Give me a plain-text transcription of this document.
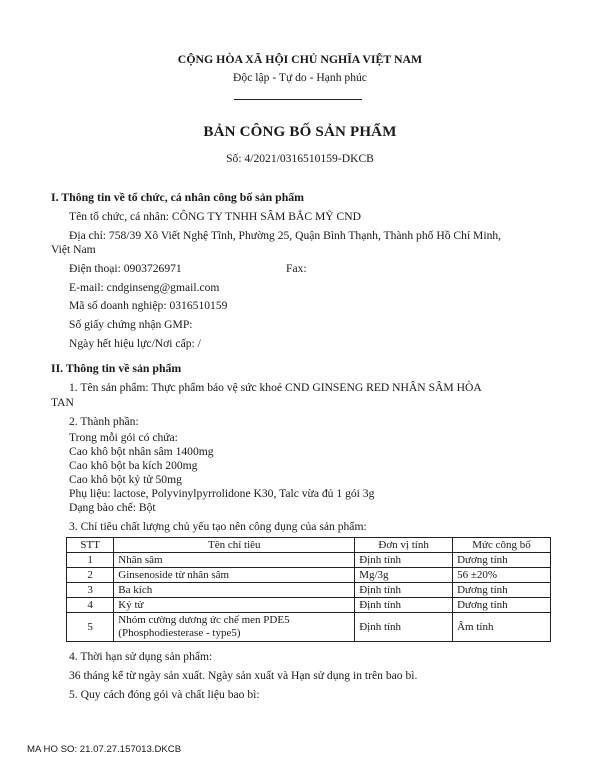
CỘNG HÒA XÃ HỘI CHỦ NGHĨA VIỆT NAM
Độc lập - Tự do - Hạnh phúc
BẢN CÔNG BỐ SẢN PHẨM
Số: 4/2021/0316510159-DKCB
I. Thông tin về tổ chức, cá nhân công bố sản phẩm
Tên tổ chức, cá nhân: CÔNG TY TNHH SÂM BẮC MỸ CND
Địa chỉ: 758/39 Xô Viết Nghệ Tĩnh, Phường 25, Quận Bình Thạnh, Thành phố Hồ Chí Minh,
Việt Nam
Điện thoại: 0903726971	Fax:
E-mail: cndginseng@gmail.com
Mã số doanh nghiệp: 0316510159
Số giấy chứng nhận GMP:
Ngày hết hiệu lực/Nơi cấp: /
II. Thông tin về sản phẩm
1. Tên sản phẩm: Thực phẩm bảo vệ sức khoẻ CND GINSENG RED NHÂN SÂM HÒA
TAN
2. Thành phần:
Trong mỗi gói có chứa:
Cao khô bột nhân sâm 1400mg
Cao khô bột ba kích 200mg
Cao khô bột kỷ tử 50mg
Phụ liệu: lactose, Polyvinylpyrrolidone K30, Talc vừa đủ 1 gói 3g
Dạng bào chế: Bột
3. Chỉ tiêu chất lượng chủ yếu tạo nên công dụng của sản phẩm:
STT	Tên chỉ tiêu	Đơn vị tính	Mức công bố
1	Nhân sâm	Định tính	Dương tính
2	Ginsenoside từ nhân sâm	Mg/3g	56 ±20%
3	Ba kích	Định tính	Dương tính
4	Kỷ tử	Định tính	Dương tính
5	Nhóm cường dương ức chế men PDE5
(Phosphodiesterase - type5)	Định tính	Âm tính
4. Thời hạn sử dụng sản phẩm:
36 tháng kể từ ngày sản xuất. Ngày sản xuất và Hạn sử dụng in trên bao bì.
5. Quy cách đóng gói và chất liệu bao bì:
MA HO SO: 21.07.27.157013.DKCB
